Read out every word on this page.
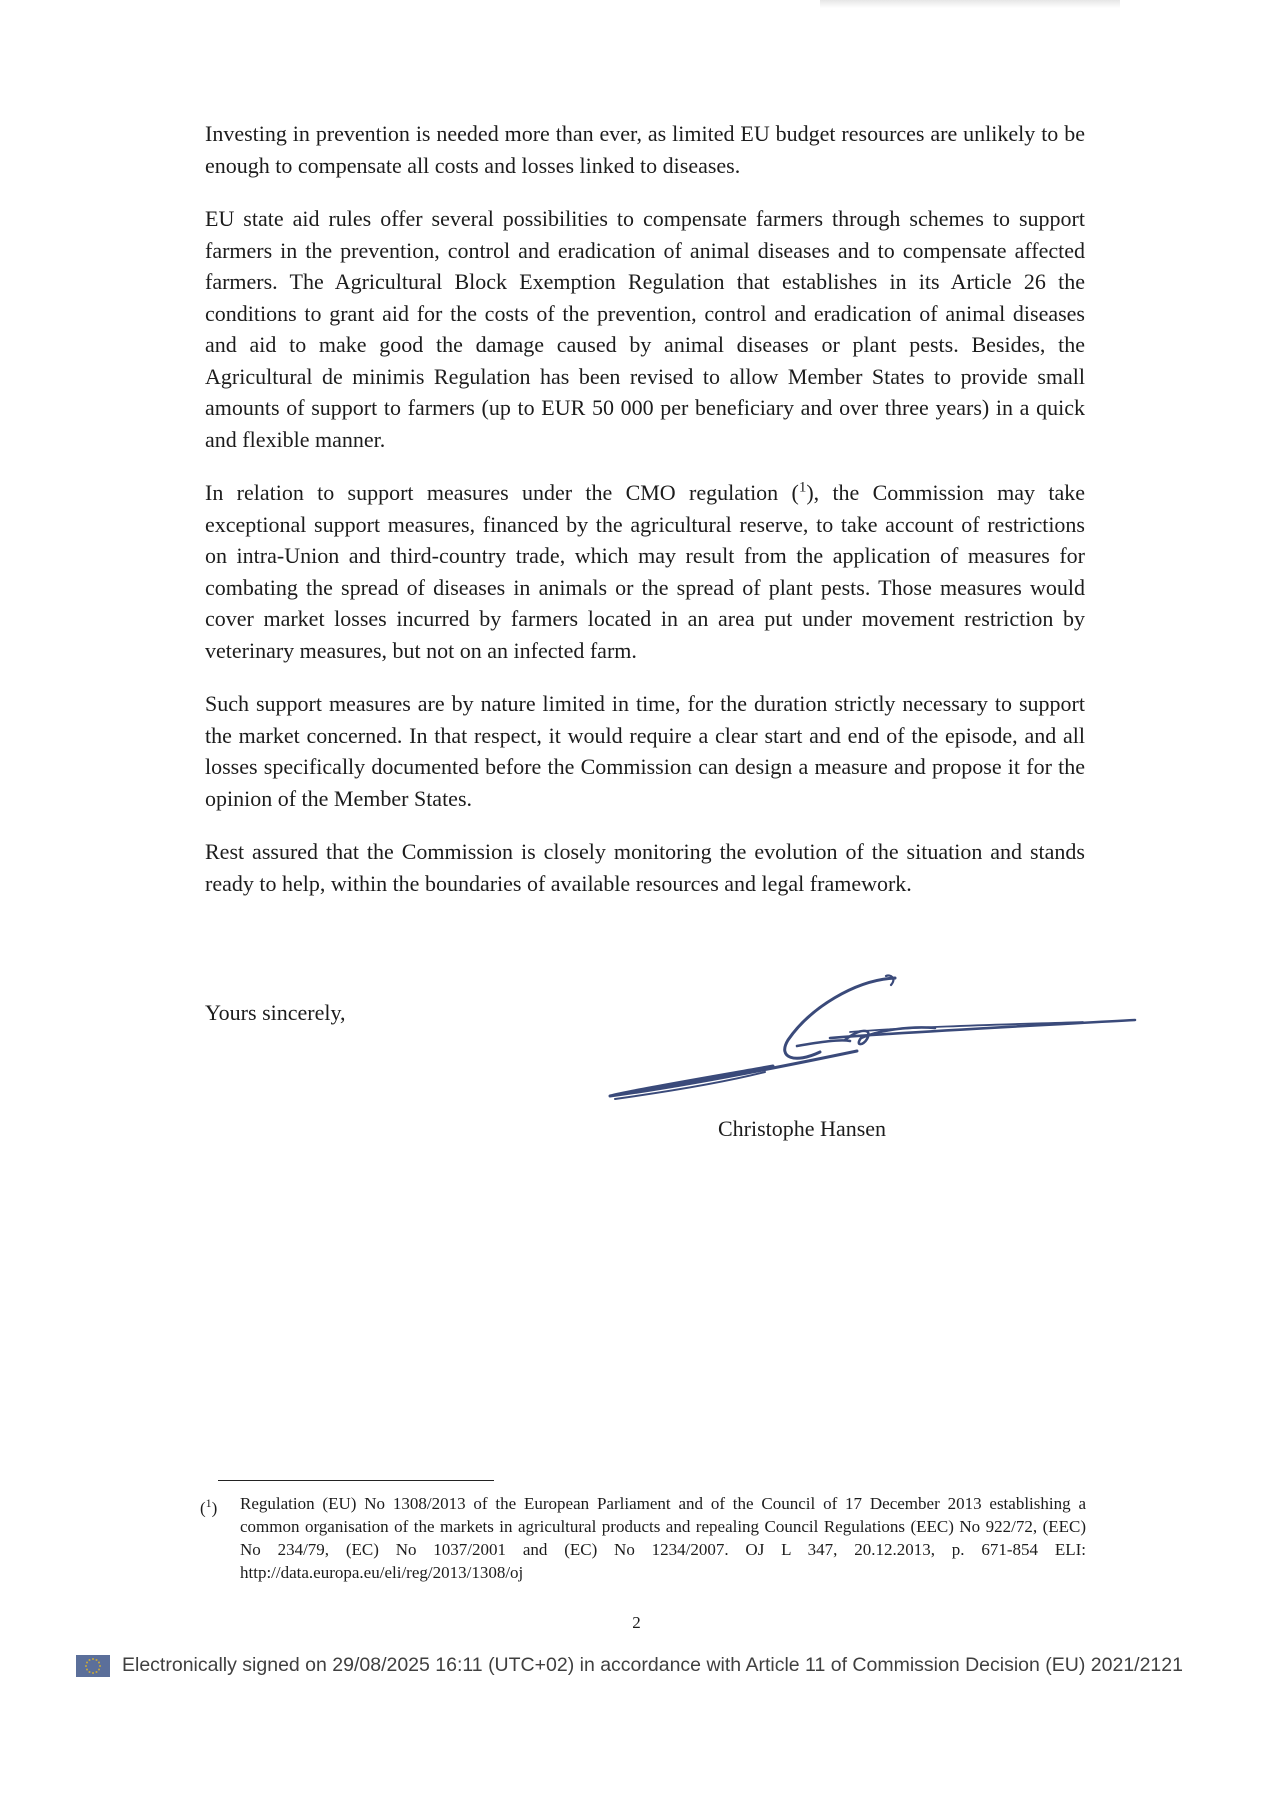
Investing in prevention is needed more than ever, as limited EU budget resources are unlikely to be enough to compensate all costs and losses linked to diseases.

EU state aid rules offer several possibilities to compensate farmers through schemes to support farmers in the prevention, control and eradication of animal diseases and to compensate affected farmers. The Agricultural Block Exemption Regulation that establishes in its Article 26 the conditions to grant aid for the costs of the prevention, control and eradication of animal diseases and aid to make good the damage caused by animal diseases or plant pests. Besides, the Agricultural de minimis Regulation has been revised to allow Member States to provide small amounts of support to farmers (up to EUR 50 000 per beneficiary and over three years) in a quick and flexible manner.

In relation to support measures under the CMO regulation ($^1$), the Commission may take exceptional support measures, financed by the agricultural reserve, to take account of restrictions on intra-Union and third-country trade, which may result from the application of measures for combating the spread of diseases in animals or the spread of plant pests. Those measures would cover market losses incurred by farmers located in an area put under movement restriction by veterinary measures, but not on an infected farm.

Such support measures are by nature limited in time, for the duration strictly necessary to support the market concerned. In that respect, it would require a clear start and end of the episode, and all losses specifically documented before the Commission can design a measure and propose it for the opinion of the Member States.

Rest assured that the Commission is closely monitoring the evolution of the situation and stands ready to help, within the boundaries of available resources and legal framework.

Yours sincerely,
Christophe Hansen
($^1$)	Regulation (EU) No 1308/2013 of the European Parliament and of the Council of 17 December 2013 establishing a common organisation of the markets in agricultural products and repealing Council Regulations (EEC) No 922/72, (EEC) No 234/79, (EC) No 1037/2001 and (EC) No 1234/2007. OJ L 347, 20.12.2013, p. 671-854 ELI: http://data.europa.eu/eli/reg/2013/1308/oj
2
Electronically signed on 29/08/2025 16:11 (UTC+02) in accordance with Article 11 of Commission Decision (EU) 2021/2121
